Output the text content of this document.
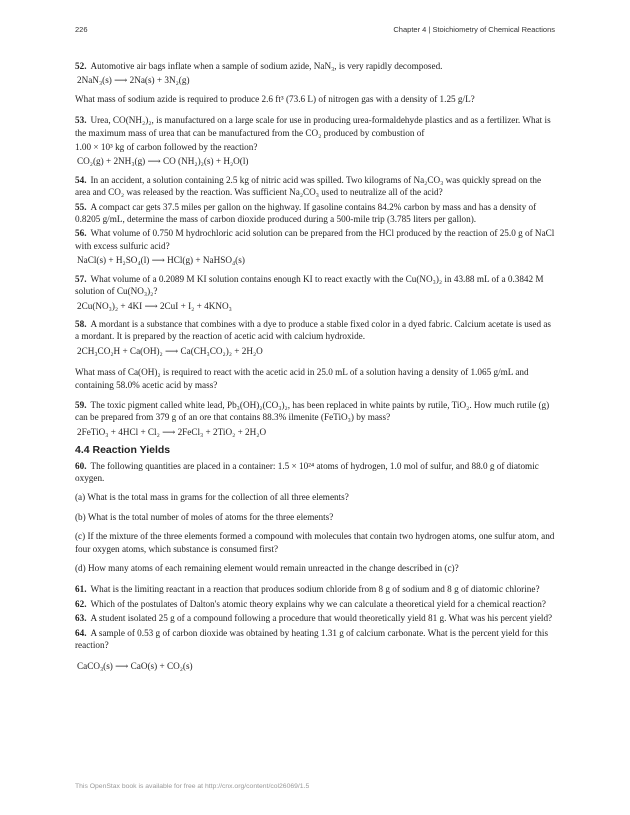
226	Chapter 4 | Stoichiometry of Chemical Reactions
52. Automotive air bags inflate when a sample of sodium azide, NaN₃, is very rapidly decomposed.
2NaN₃(s) ⟶ 2Na(s) + 3N₂(g)
What mass of sodium azide is required to produce 2.6 ft³ (73.6 L) of nitrogen gas with a density of 1.25 g/L?
53. Urea, CO(NH₂)₂, is manufactured on a large scale for use in producing urea-formaldehyde plastics and as a fertilizer. What is the maximum mass of urea that can be manufactured from the CO₂ produced by combustion of
1.00 × 10³ kg of carbon followed by the reaction?
CO₂(g) + 2NH₃(g) ⟶ CO (NH₂)₂(s) + H₂O(l)
54. In an accident, a solution containing 2.5 kg of nitric acid was spilled. Two kilograms of Na₂CO₃ was quickly spread on the area and CO₂ was released by the reaction. Was sufficient Na₂CO₃ used to neutralize all of the acid?
55. A compact car gets 37.5 miles per gallon on the highway. If gasoline contains 84.2% carbon by mass and has a density of 0.8205 g/mL, determine the mass of carbon dioxide produced during a 500-mile trip (3.785 liters per gallon).
56. What volume of 0.750 M hydrochloric acid solution can be prepared from the HCl produced by the reaction of 25.0 g of NaCl with excess sulfuric acid?
NaCl(s) + H₂SO₄(l) ⟶ HCl(g) + NaHSO₄(s)
57. What volume of a 0.2089 M KI solution contains enough KI to react exactly with the Cu(NO₃)₂ in 43.88 mL of a 0.3842 M solution of Cu(NO₃)₂?
2Cu(NO₃)₂ + 4KI ⟶ 2CuI + I₂ + 4KNO₃
58. A mordant is a substance that combines with a dye to produce a stable fixed color in a dyed fabric. Calcium acetate is used as a mordant. It is prepared by the reaction of acetic acid with calcium hydroxide.
2CH₃CO₂H + Ca(OH)₂ ⟶ Ca(CH₃CO₂)₂ + 2H₂O
What mass of Ca(OH)₂ is required to react with the acetic acid in 25.0 mL of a solution having a density of 1.065 g/mL and containing 58.0% acetic acid by mass?
59. The toxic pigment called white lead, Pb₃(OH)₂(CO₃)₂, has been replaced in white paints by rutile, TiO₂. How much rutile (g) can be prepared from 379 g of an ore that contains 88.3% ilmenite (FeTiO₃) by mass?
2FeTiO₃ + 4HCl + Cl₂ ⟶ 2FeCl₃ + 2TiO₂ + 2H₂O
4.4 Reaction Yields
60. The following quantities are placed in a container: 1.5 × 10²⁴ atoms of hydrogen, 1.0 mol of sulfur, and 88.0 g of diatomic oxygen.
(a) What is the total mass in grams for the collection of all three elements?
(b) What is the total number of moles of atoms for the three elements?
(c) If the mixture of the three elements formed a compound with molecules that contain two hydrogen atoms, one sulfur atom, and four oxygen atoms, which substance is consumed first?
(d) How many atoms of each remaining element would remain unreacted in the change described in (c)?
61. What is the limiting reactant in a reaction that produces sodium chloride from 8 g of sodium and 8 g of diatomic chlorine?
62. Which of the postulates of Dalton's atomic theory explains why we can calculate a theoretical yield for a chemical reaction?
63. A student isolated 25 g of a compound following a procedure that would theoretically yield 81 g. What was his percent yield?
64. A sample of 0.53 g of carbon dioxide was obtained by heating 1.31 g of calcium carbonate. What is the percent yield for this reaction?
CaCO₃(s) ⟶ CaO(s) + CO₂(s)
This OpenStax book is available for free at http://cnx.org/content/col26069/1.5
